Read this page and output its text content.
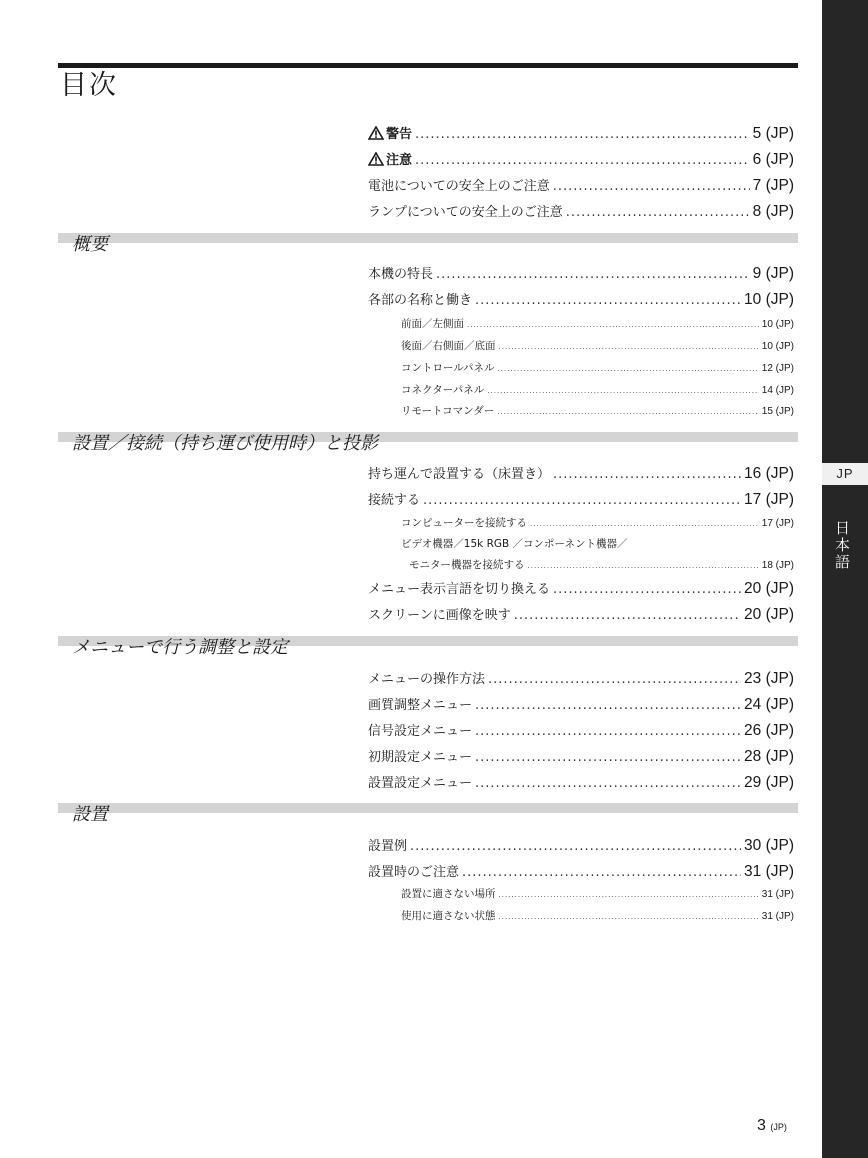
目次
JP
日本語
警告 .....	5 (JP)
注意 .....	6 (JP)
電池についての安全上のご注意 .....	7 (JP)
ランプについての安全上のご注意 .....	8 (JP)
概要
本機の特長 .....	9 (JP)
各部の名称と働き .....	10 (JP)
前面／左側面 .....	10 (JP)
後面／右側面／底面 .....	10 (JP)
コントロールパネル .....	12 (JP)
コネクターパネル .....	14 (JP)
リモートコマンダー .....	15 (JP)
設置／接続（持ち運び使用時）と投影
持ち運んで設置する（床置き） .....	16 (JP)
接続する .....	17 (JP)
コンピューターを接続する .....	17 (JP)
ビデオ機器／15k RGB ／コンポーネント機器／
モニター機器を接続する .....	18 (JP)
メニュー表示言語を切り換える .....	20 (JP)
スクリーンに画像を映す .....	20 (JP)
メニューで行う調整と設定
メニューの操作方法 .....	23 (JP)
画質調整メニュー .....	24 (JP)
信号設定メニュー .....	26 (JP)
初期設定メニュー .....	28 (JP)
設置設定メニュー .....	29 (JP)
設置
設置例 .....	30 (JP)
設置時のご注意 .....	31 (JP)
設置に適さない場所 .....	31 (JP)
使用に適さない状態 .....	31 (JP)
3 (JP)
